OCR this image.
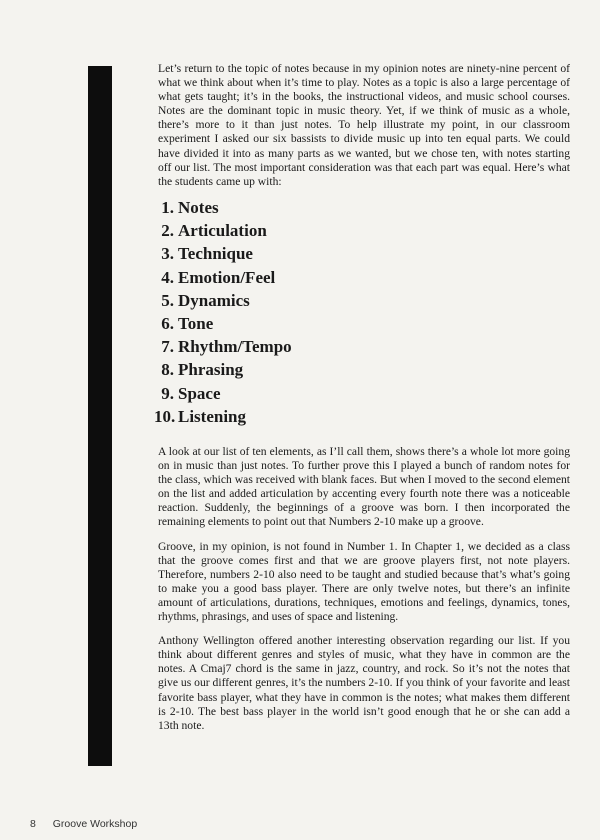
Let’s return to the topic of notes because in my opinion notes are ninety-nine percent of what we think about when it’s time to play. Notes as a topic is also a large percentage of what gets taught; it’s in the books, the instructional videos, and music school courses. Notes are the dominant topic in music theory. Yet, if we think of music as a whole, there’s more to it than just notes. To help illustrate my point, in our classroom experiment I asked our six bassists to divide music up into ten equal parts. We could have divided it into as many parts as we wanted, but we chose ten, with notes starting off our list. The most important consideration was that each part was equal. Here’s what the students came up with:

1. Notes
2. Articulation
3. Technique
4. Emotion/Feel
5. Dynamics
6. Tone
7. Rhythm/Tempo
8. Phrasing
9. Space
10. Listening

A look at our list of ten elements, as I’ll call them, shows there’s a whole lot more going on in music than just notes. To further prove this I played a bunch of random notes for the class, which was received with blank faces. But when I moved to the second element on the list and added articulation by accenting every fourth note there was a noticeable reaction. Suddenly, the beginnings of a groove was born. I then incorporated the remaining elements to point out that Numbers 2-10 make up a groove.

Groove, in my opinion, is not found in Number 1. In Chapter 1, we decided as a class that the groove comes first and that we are groove players first, not note players. Therefore, numbers 2-10 also need to be taught and studied because that’s what’s going to make you a good bass player. There are only twelve notes, but there’s an infinite amount of articulations, durations, techniques, emotions and feelings, dynamics, tones, rhythms, phrasings, and uses of space and listening.

Anthony Wellington offered another interesting observation regarding our list. If you think about different genres and styles of music, what they have in common are the notes. A Cmaj7 chord is the same in jazz, country, and rock. So it’s not the notes that give us our different genres, it’s the numbers 2-10. If you think of your favorite and least favorite bass player, what they have in common is the notes; what makes them different is 2-10. The best bass player in the world isn’t good enough that he or she can add a 13th note.

8 Groove Workshop
